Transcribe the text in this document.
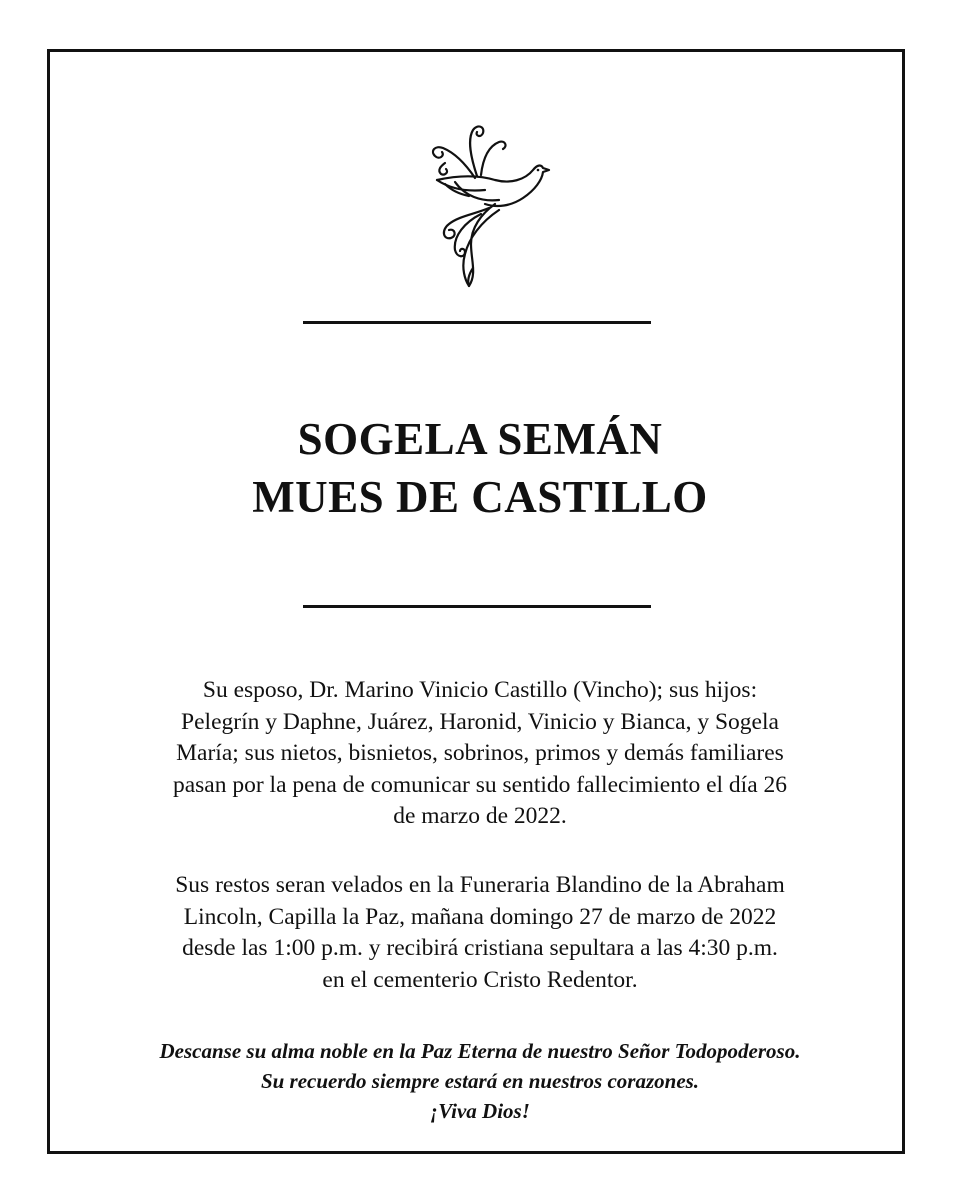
SOGELA SEMÁN
MUES DE CASTILLO
Su esposo, Dr. Marino Vinicio Castillo (Vincho); sus hijos:
Pelegrín y Daphne, Juárez, Haronid, Vinicio y Bianca, y Sogela
María; sus nietos, bisnietos, sobrinos, primos y demás familiares
pasan por la pena de comunicar su sentido fallecimiento el día 26
de marzo de 2022.
Sus restos seran velados en la Funeraria Blandino de la Abraham
Lincoln, Capilla la Paz, mañana domingo 27 de marzo de 2022
desde las 1:00 p.m. y recibirá cristiana sepultara a las 4:30 p.m.
en el cementerio Cristo Redentor.
Descanse su alma noble en la Paz Eterna de nuestro Señor Todopoderoso.
Su recuerdo siempre estará en nuestros corazones.
¡Viva Dios!
